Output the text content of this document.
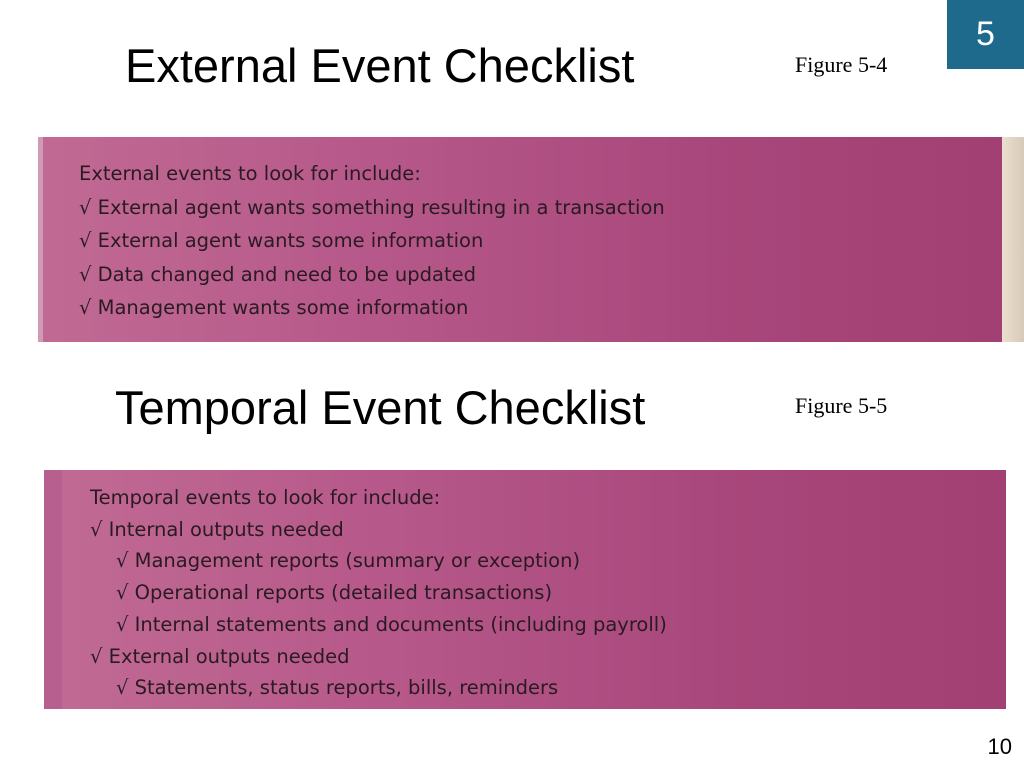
5
External Event Checklist	Figure 5-4
External events to look for include:
√ External agent wants something resulting in a transaction
√ External agent wants some information
√ Data changed and need to be updated
√ Management wants some information
Temporal Event Checklist	Figure 5-5
Temporal events to look for include:
√ Internal outputs needed
√ Management reports (summary or exception)
√ Operational reports (detailed transactions)
√ Internal statements and documents (including payroll)
√ External outputs needed
√ Statements, status reports, bills, reminders
10
